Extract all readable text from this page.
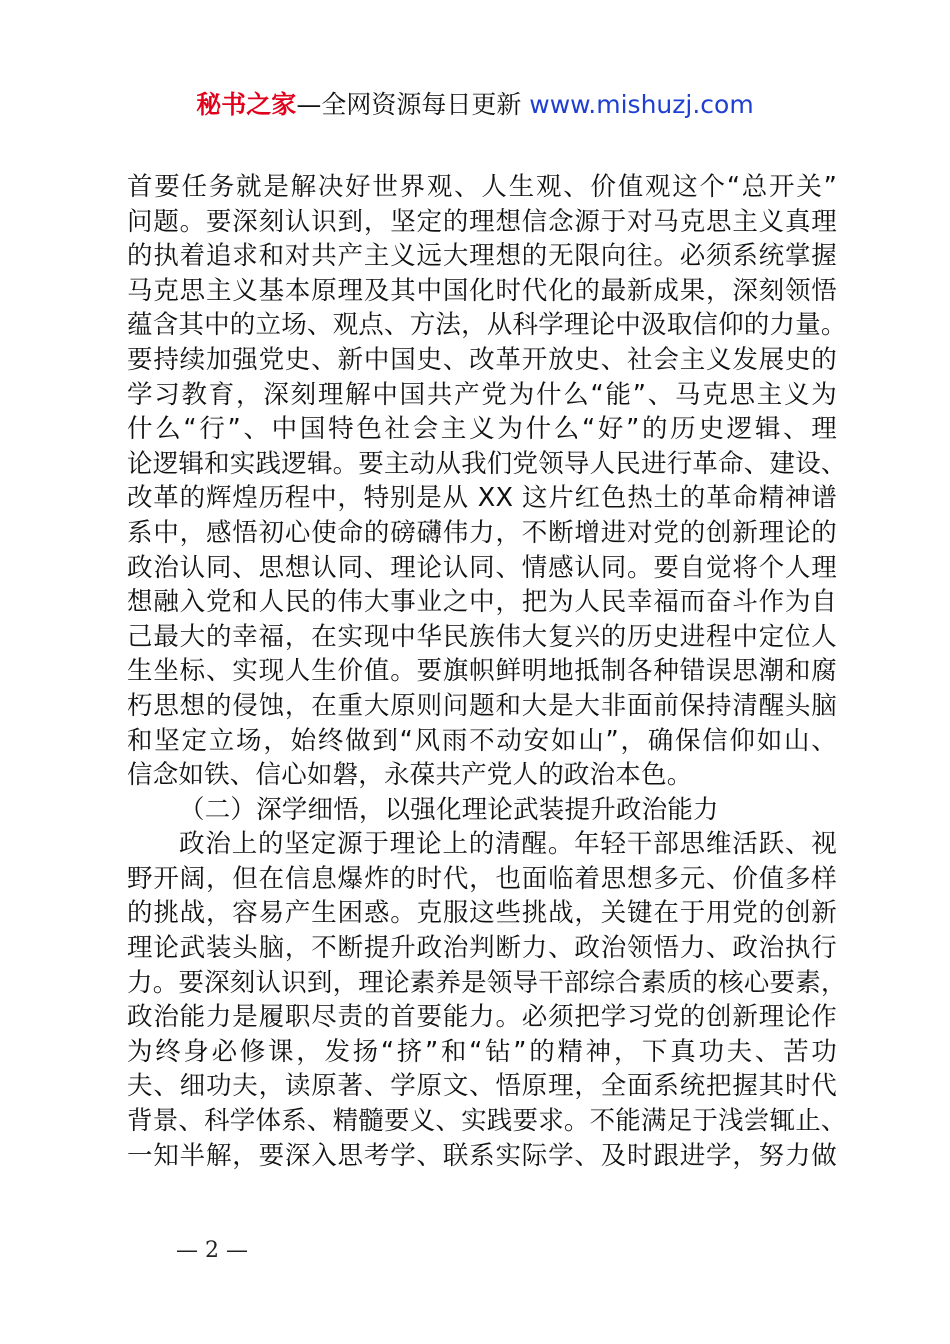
秘书之家—全网资源每日更新 www.mishuzj.com
首要任务就是解决好世界观、人生观、价值观这个“总开关”
问题。要深刻认识到，坚定的理想信念源于对马克思主义真理
的执着追求和对共产主义远大理想的无限向往。必须系统掌握
马克思主义基本原理及其中国化时代化的最新成果，深刻领悟
蕴含其中的立场、观点、方法，从科学理论中汲取信仰的力量。
要持续加强党史、新中国史、改革开放史、社会主义发展史的
学习教育，深刻理解中国共产党为什么“能”、马克思主义为
什么“行”、中国特色社会主义为什么“好”的历史逻辑、理
论逻辑和实践逻辑。要主动从我们党领导人民进行革命、建设、
改革的辉煌历程中，特别是从 XX 这片红色热土的革命精神谱
系中，感悟初心使命的磅礴伟力，不断增进对党的创新理论的
政治认同、思想认同、理论认同、情感认同。要自觉将个人理
想融入党和人民的伟大事业之中，把为人民幸福而奋斗作为自
己最大的幸福，在实现中华民族伟大复兴的历史进程中定位人
生坐标、实现人生价值。要旗帜鲜明地抵制各种错误思潮和腐
朽思想的侵蚀，在重大原则问题和大是大非面前保持清醒头脑
和坚定立场，始终做到“风雨不动安如山”，确保信仰如山、
信念如铁、信心如磐，永葆共产党人的政治本色。
（二）深学细悟，以强化理论武装提升政治能力
政治上的坚定源于理论上的清醒。年轻干部思维活跃、视
野开阔，但在信息爆炸的时代，也面临着思想多元、价值多样
的挑战，容易产生困惑。克服这些挑战，关键在于用党的创新
理论武装头脑，不断提升政治判断力、政治领悟力、政治执行
力。要深刻认识到，理论素养是领导干部综合素质的核心要素，
政治能力是履职尽责的首要能力。必须把学习党的创新理论作
为终身必修课，发扬“挤”和“钻”的精神，下真功夫、苦功
夫、细功夫，读原著、学原文、悟原理，全面系统把握其时代
背景、科学体系、精髓要义、实践要求。不能满足于浅尝辄止、
一知半解，要深入思考学、联系实际学、及时跟进学，努力做
— 2 —
